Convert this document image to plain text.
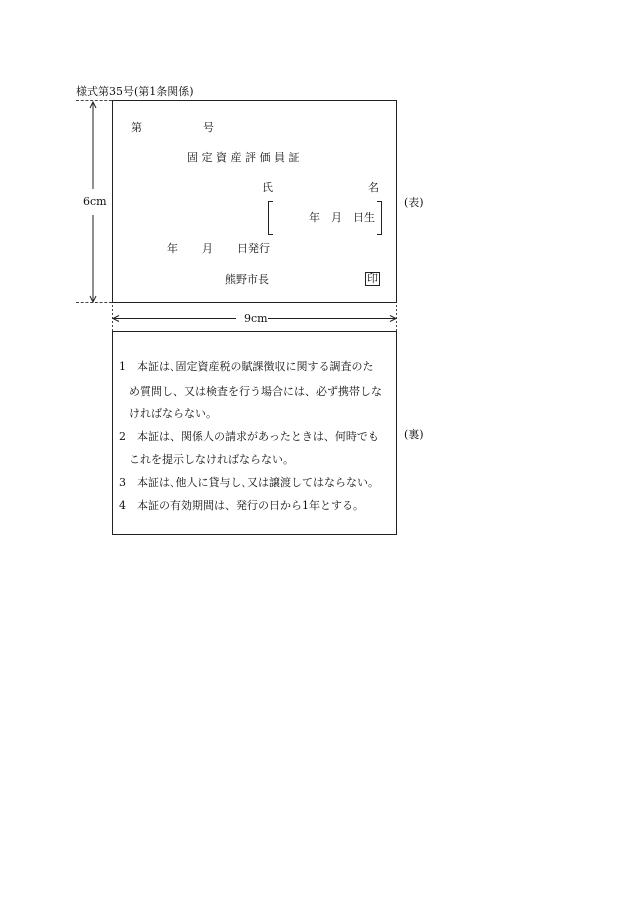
様式第35号(第1条関係)
6cm
第	号
固 定 資 産 評 価 員 証
氏	名
年　月　日生
年 月 日発行
熊野市長	印
(表)
9cm
1　本証は､固定資産税の賦課徴収に関する調査のた
め質問し、又は検査を行う場合には、必ず携帯しな
ければならない。
2　本証は、関係人の請求があったときは、何時でも
これを提示しなければならない。
3　本証は､他人に貸与し､又は譲渡してはならない。
4　本証の有効期間は、発行の日から1年とする。
(裏)
